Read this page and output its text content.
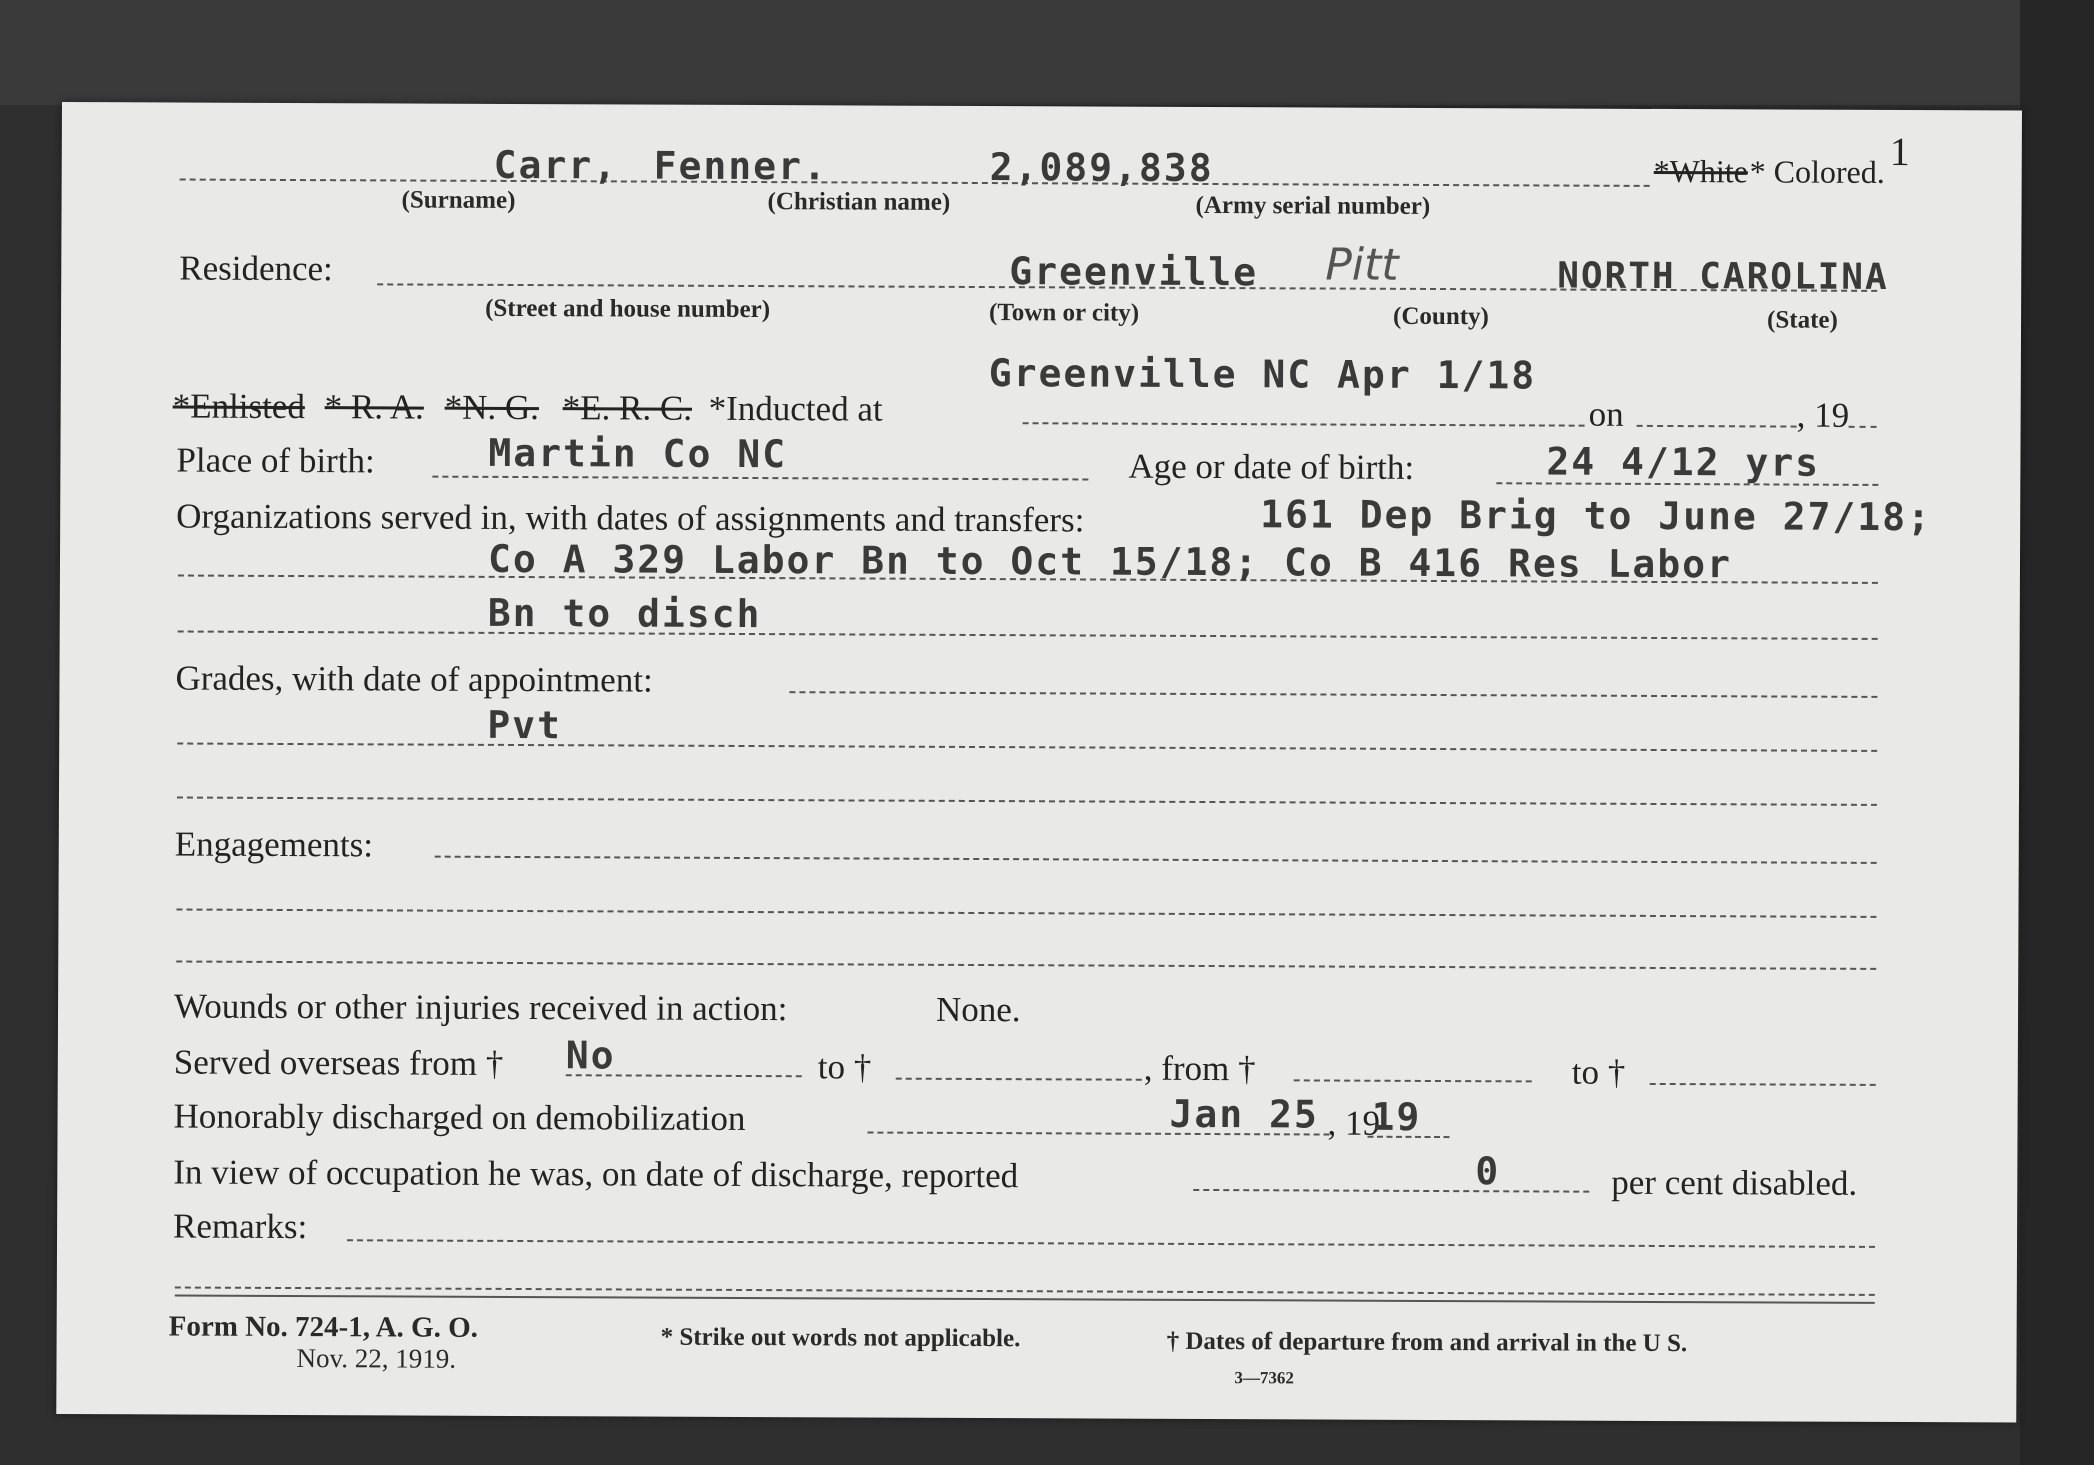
1
Carr, Fenner.	2,089,838	*White * Colored.
(Surname)	(Christian name)	(Army serial number)
Residence:	Greenville Pitt	NORTH CAROLINA
(Street and house number)	(Town or city)	(County)	(State)
Greenville NC Apr 1/18
*Enlisted * R. A. *N. G. *E. R. C. *Inducted at	on	, 19
Place of birth:	Martin Co NC	Age or date of birth:	24 4/12 yrs
Organizations served in, with dates of assignments and transfers:	161 Dep Brig to June 27/18;
Co A 329 Labor Bn to Oct 15/18; Co B 416 Res Labor
Bn to disch
Grades, with date of appointment:
Pvt
Engagements:
Wounds or other injuries received in action:	None.
Served overseas from † No	to †	, from †	to †
Honorably discharged on demobilization	Jan 25 , 19
19
In view of occupation he was, on date of discharge, reported	0	per cent disabled.
Remarks:
Form No. 724-1, A. G. O.
Nov. 22, 1919.
* Strike out words not applicable.	† Dates of departure from and arrival in the U S.
3—7362
